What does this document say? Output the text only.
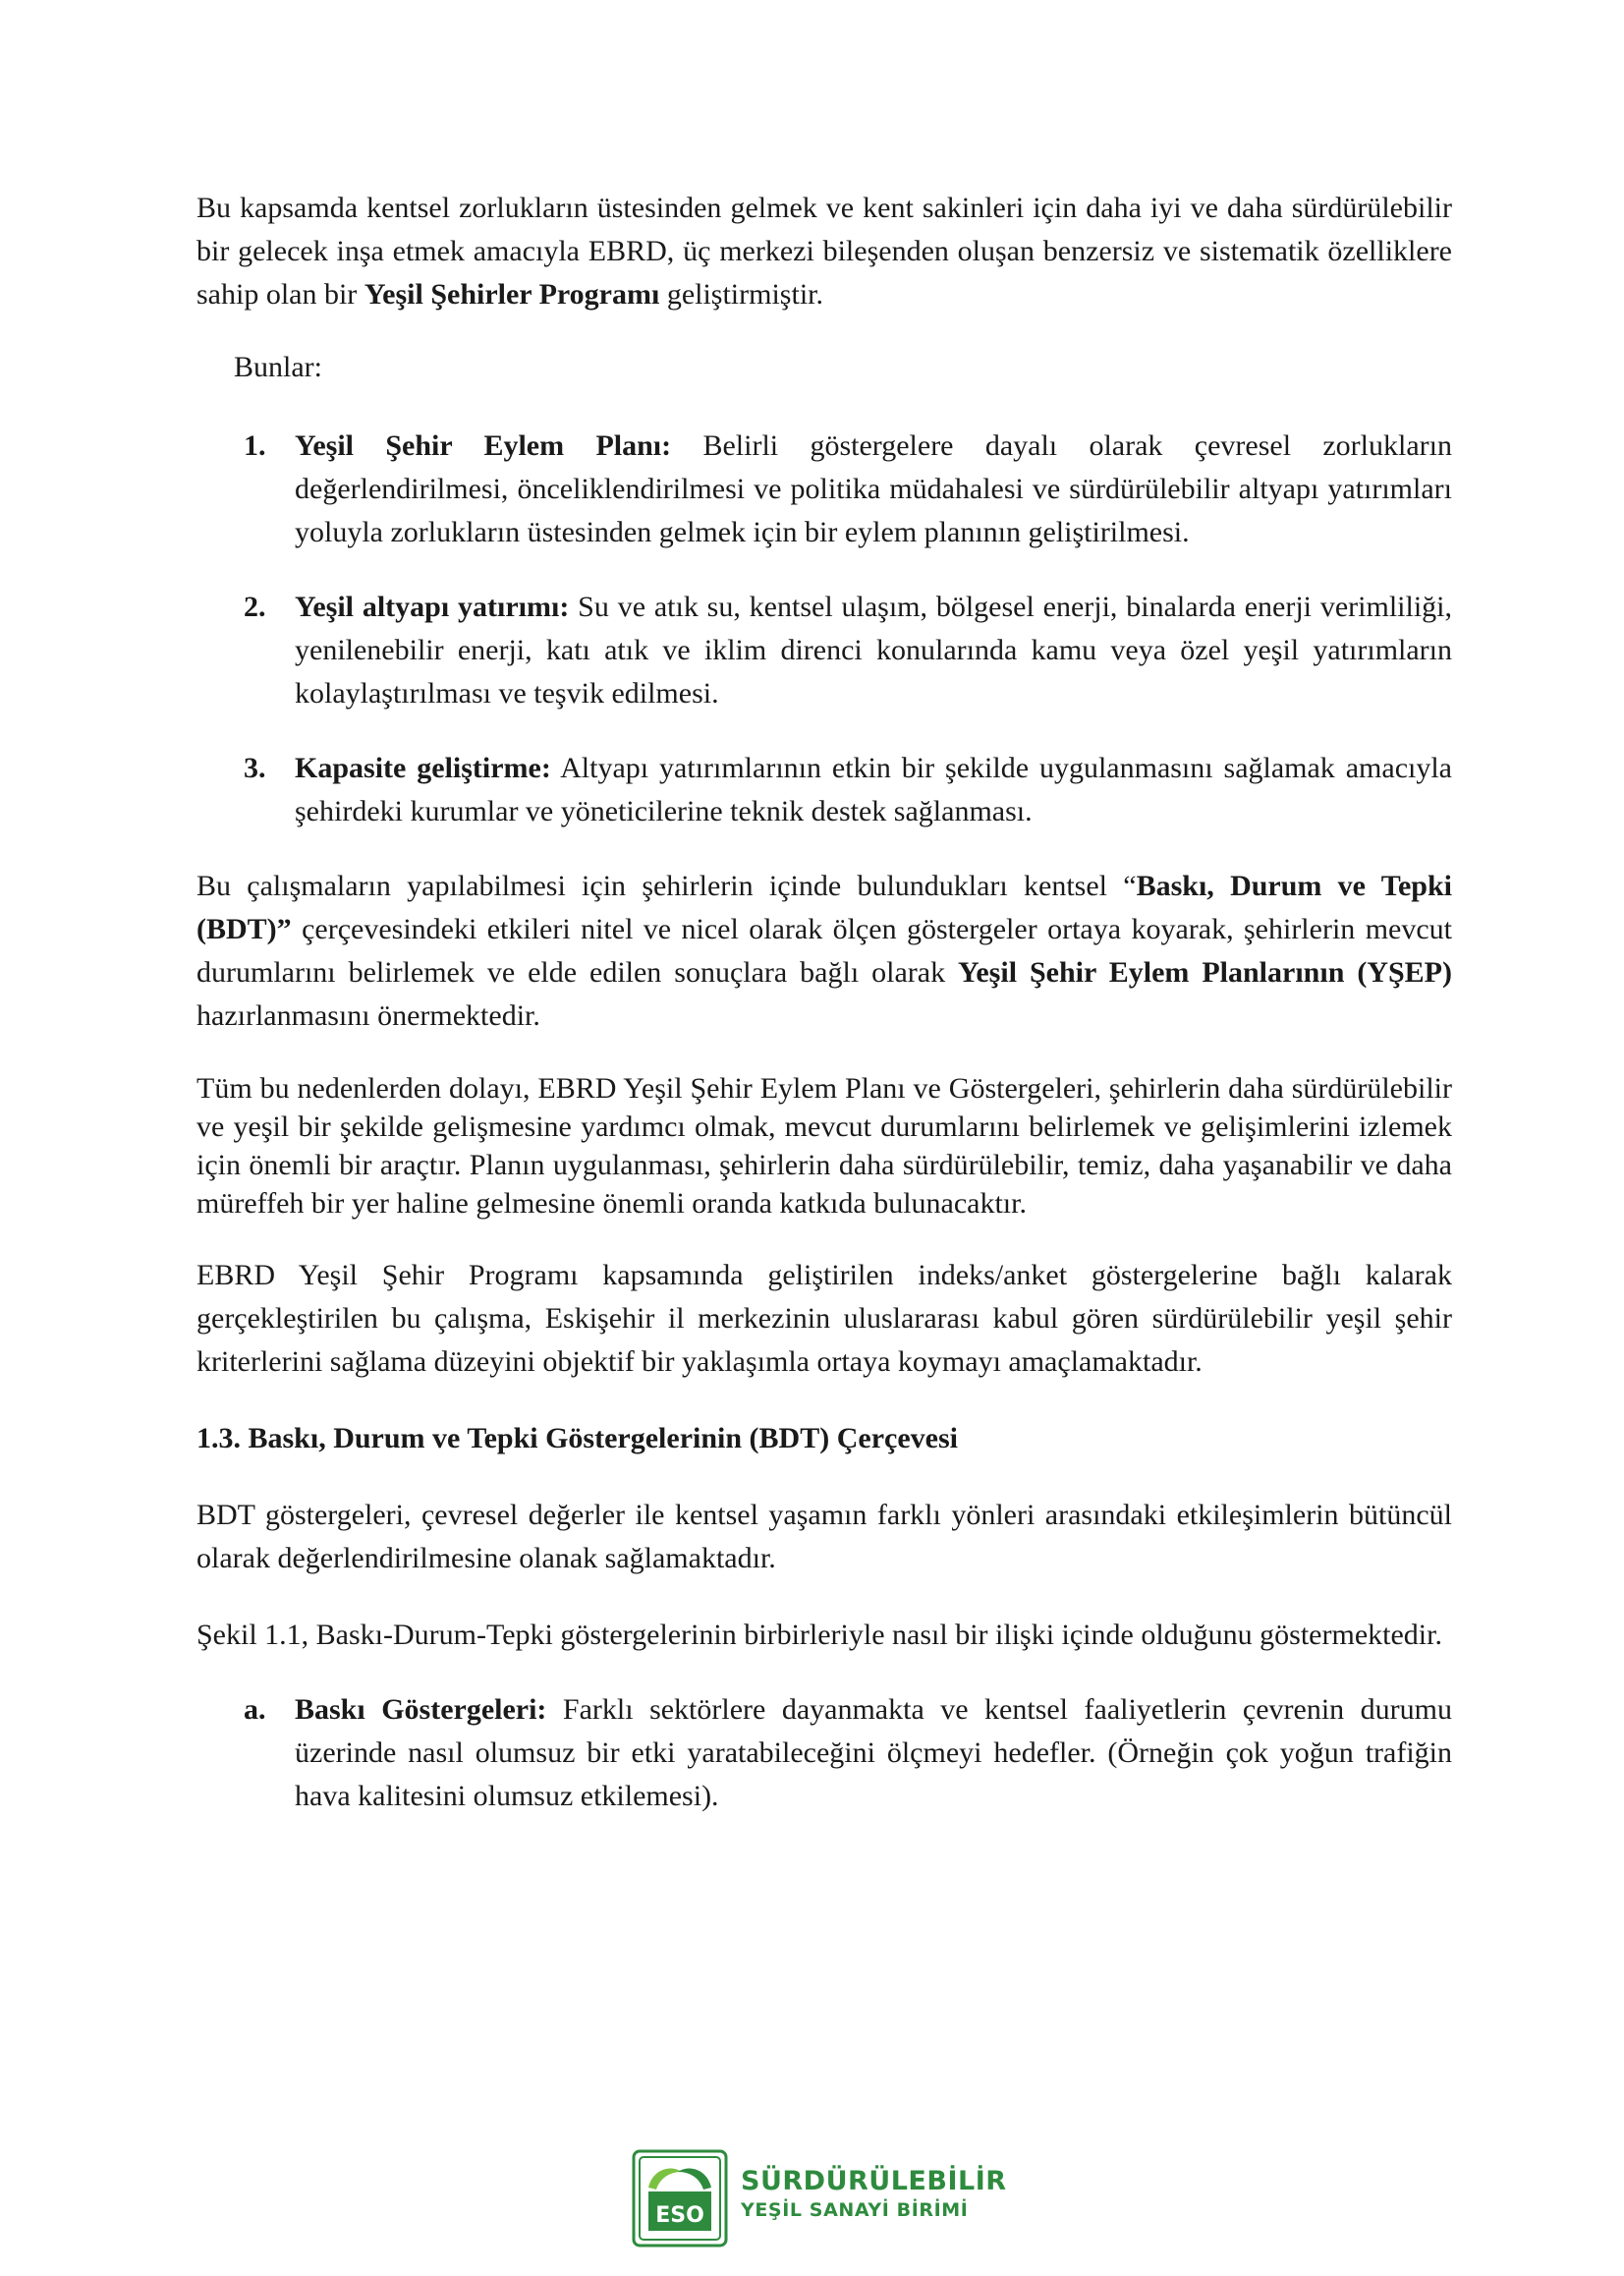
Bu kapsamda kentsel zorlukların üstesinden gelmek ve kent sakinleri için daha iyi ve daha sürdürülebilir bir gelecek inşa etmek amacıyla EBRD, üç merkezi bileşenden oluşan benzersiz ve sistematik özelliklere sahip olan bir Yeşil Şehirler Programı geliştirmiştir.

Bunlar:

1. Yeşil Şehir Eylem Planı: Belirli göstergelere dayalı olarak çevresel zorlukların değerlendirilmesi, önceliklendirilmesi ve politika müdahalesi ve sürdürülebilir altyapı yatırımları yoluyla zorlukların üstesinden gelmek için bir eylem planının geliştirilmesi.
2. Yeşil altyapı yatırımı: Su ve atık su, kentsel ulaşım, bölgesel enerji, binalarda enerji verimliliği, yenilenebilir enerji, katı atık ve iklim direnci konularında kamu veya özel yeşil yatırımların kolaylaştırılması ve teşvik edilmesi.
3. Kapasite geliştirme: Altyapı yatırımlarının etkin bir şekilde uygulanmasını sağlamak amacıyla şehirdeki kurumlar ve yöneticilerine teknik destek sağlanması.

Bu çalışmaların yapılabilmesi için şehirlerin içinde bulundukları kentsel “Baskı, Durum ve Tepki (BDT)” çerçevesindeki etkileri nitel ve nicel olarak ölçen göstergeler ortaya koyarak, şehirlerin mevcut durumlarını belirlemek ve elde edilen sonuçlara bağlı olarak Yeşil Şehir Eylem Planlarının (YŞEP) hazırlanmasını önermektedir.

Tüm bu nedenlerden dolayı, EBRD Yeşil Şehir Eylem Planı ve Göstergeleri, şehirlerin daha sürdürülebilir ve yeşil bir şekilde gelişmesine yardımcı olmak, mevcut durumlarını belirlemek ve gelişimlerini izlemek için önemli bir araçtır. Planın uygulanması, şehirlerin daha sürdürülebilir, temiz, daha yaşanabilir ve daha müreffeh bir yer haline gelmesine önemli oranda katkıda bulunacaktır.

EBRD Yeşil Şehir Programı kapsamında geliştirilen indeks/anket göstergelerine bağlı kalarak gerçekleştirilen bu çalışma, Eskişehir il merkezinin uluslararası kabul gören sürdürülebilir yeşil şehir kriterlerini sağlama düzeyini objektif bir yaklaşımla ortaya koymayı amaçlamaktadır.

1.3. Baskı, Durum ve Tepki Göstergelerinin (BDT) Çerçevesi

BDT göstergeleri, çevresel değerler ile kentsel yaşamın farklı yönleri arasındaki etkileşimlerin bütüncül olarak değerlendirilmesine olanak sağlamaktadır.

Şekil 1.1, Baskı-Durum-Tepki göstergelerinin birbirleriyle nasıl bir ilişki içinde olduğunu göstermektedir.

a. Baskı Göstergeleri: Farklı sektörlere dayanmakta ve kentsel faaliyetlerin çevrenin durumu üzerinde nasıl olumsuz bir etki yaratabileceğini ölçmeyi hedefler. (Örneğin çok yoğun trafiğin hava kalitesini olumsuz etkilemesi).
ESO
SÜRDÜRÜLEBİLİR
YEŞİL SANAYİ BİRİMİ
